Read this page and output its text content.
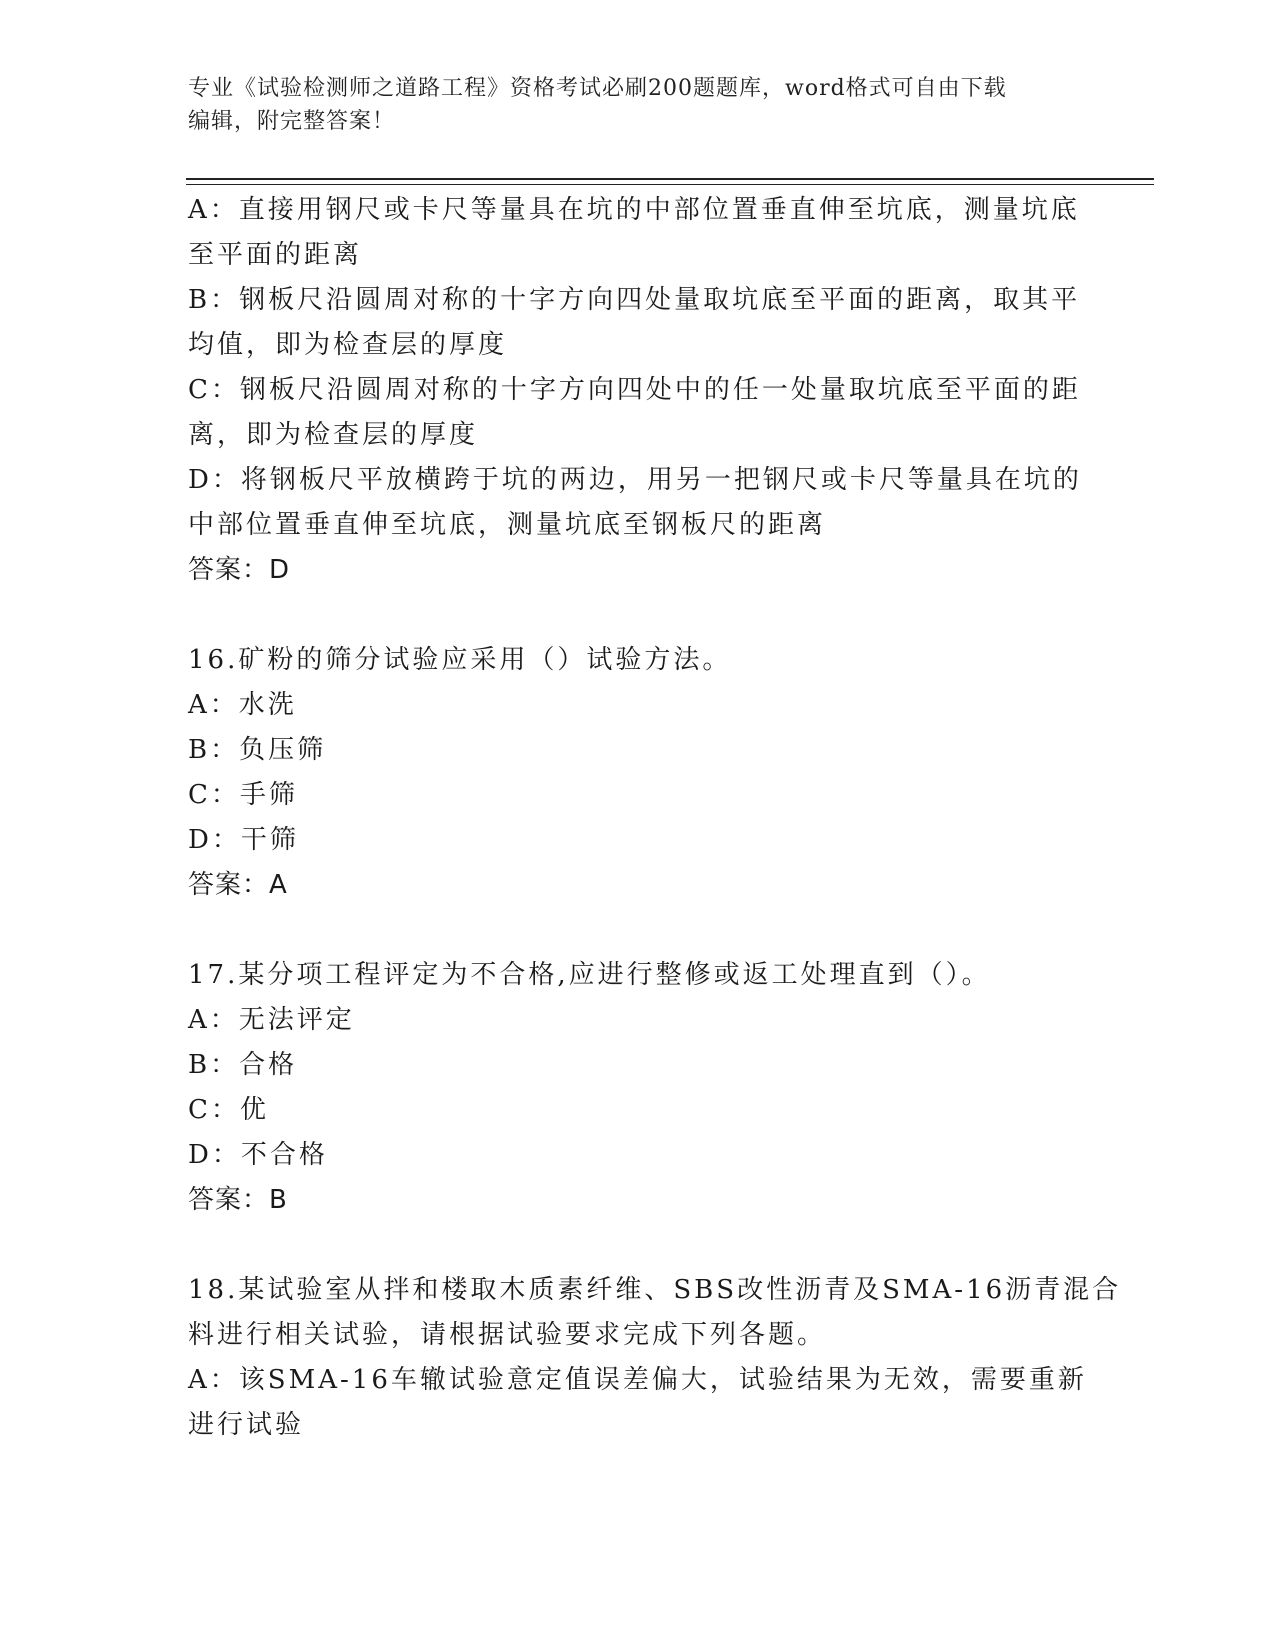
专业《试验检测师之道路工程》资格考试必刷200题题库，word格式可自由下载
编辑，附完整答案！
A：直接用钢尺或卡尺等量具在坑的中部位置垂直伸至坑底，测量坑底
至平面的距离
B：钢板尺沿圆周对称的十字方向四处量取坑底至平面的距离，取其平
均值，即为检查层的厚度
C：钢板尺沿圆周对称的十字方向四处中的任一处量取坑底至平面的距
离，即为检查层的厚度
D：将钢板尺平放横跨于坑的两边，用另一把钢尺或卡尺等量具在坑的
中部位置垂直伸至坑底，测量坑底至钢板尺的距离
答案：D
16.矿粉的筛分试验应采用（）试验方法。
A：水洗
B：负压筛
C：手筛
D：干筛
答案：A
17.某分项工程评定为不合格,应进行整修或返工处理直到（）。
A：无法评定
B：合格
C：优
D：不合格
答案：B
18.某试验室从拌和楼取木质素纤维、SBS改性沥青及SMA-16沥青混合
料进行相关试验，请根据试验要求完成下列各题。
A：该SMA-16车辙试验意定值误差偏大，试验结果为无效，需要重新
进行试验
